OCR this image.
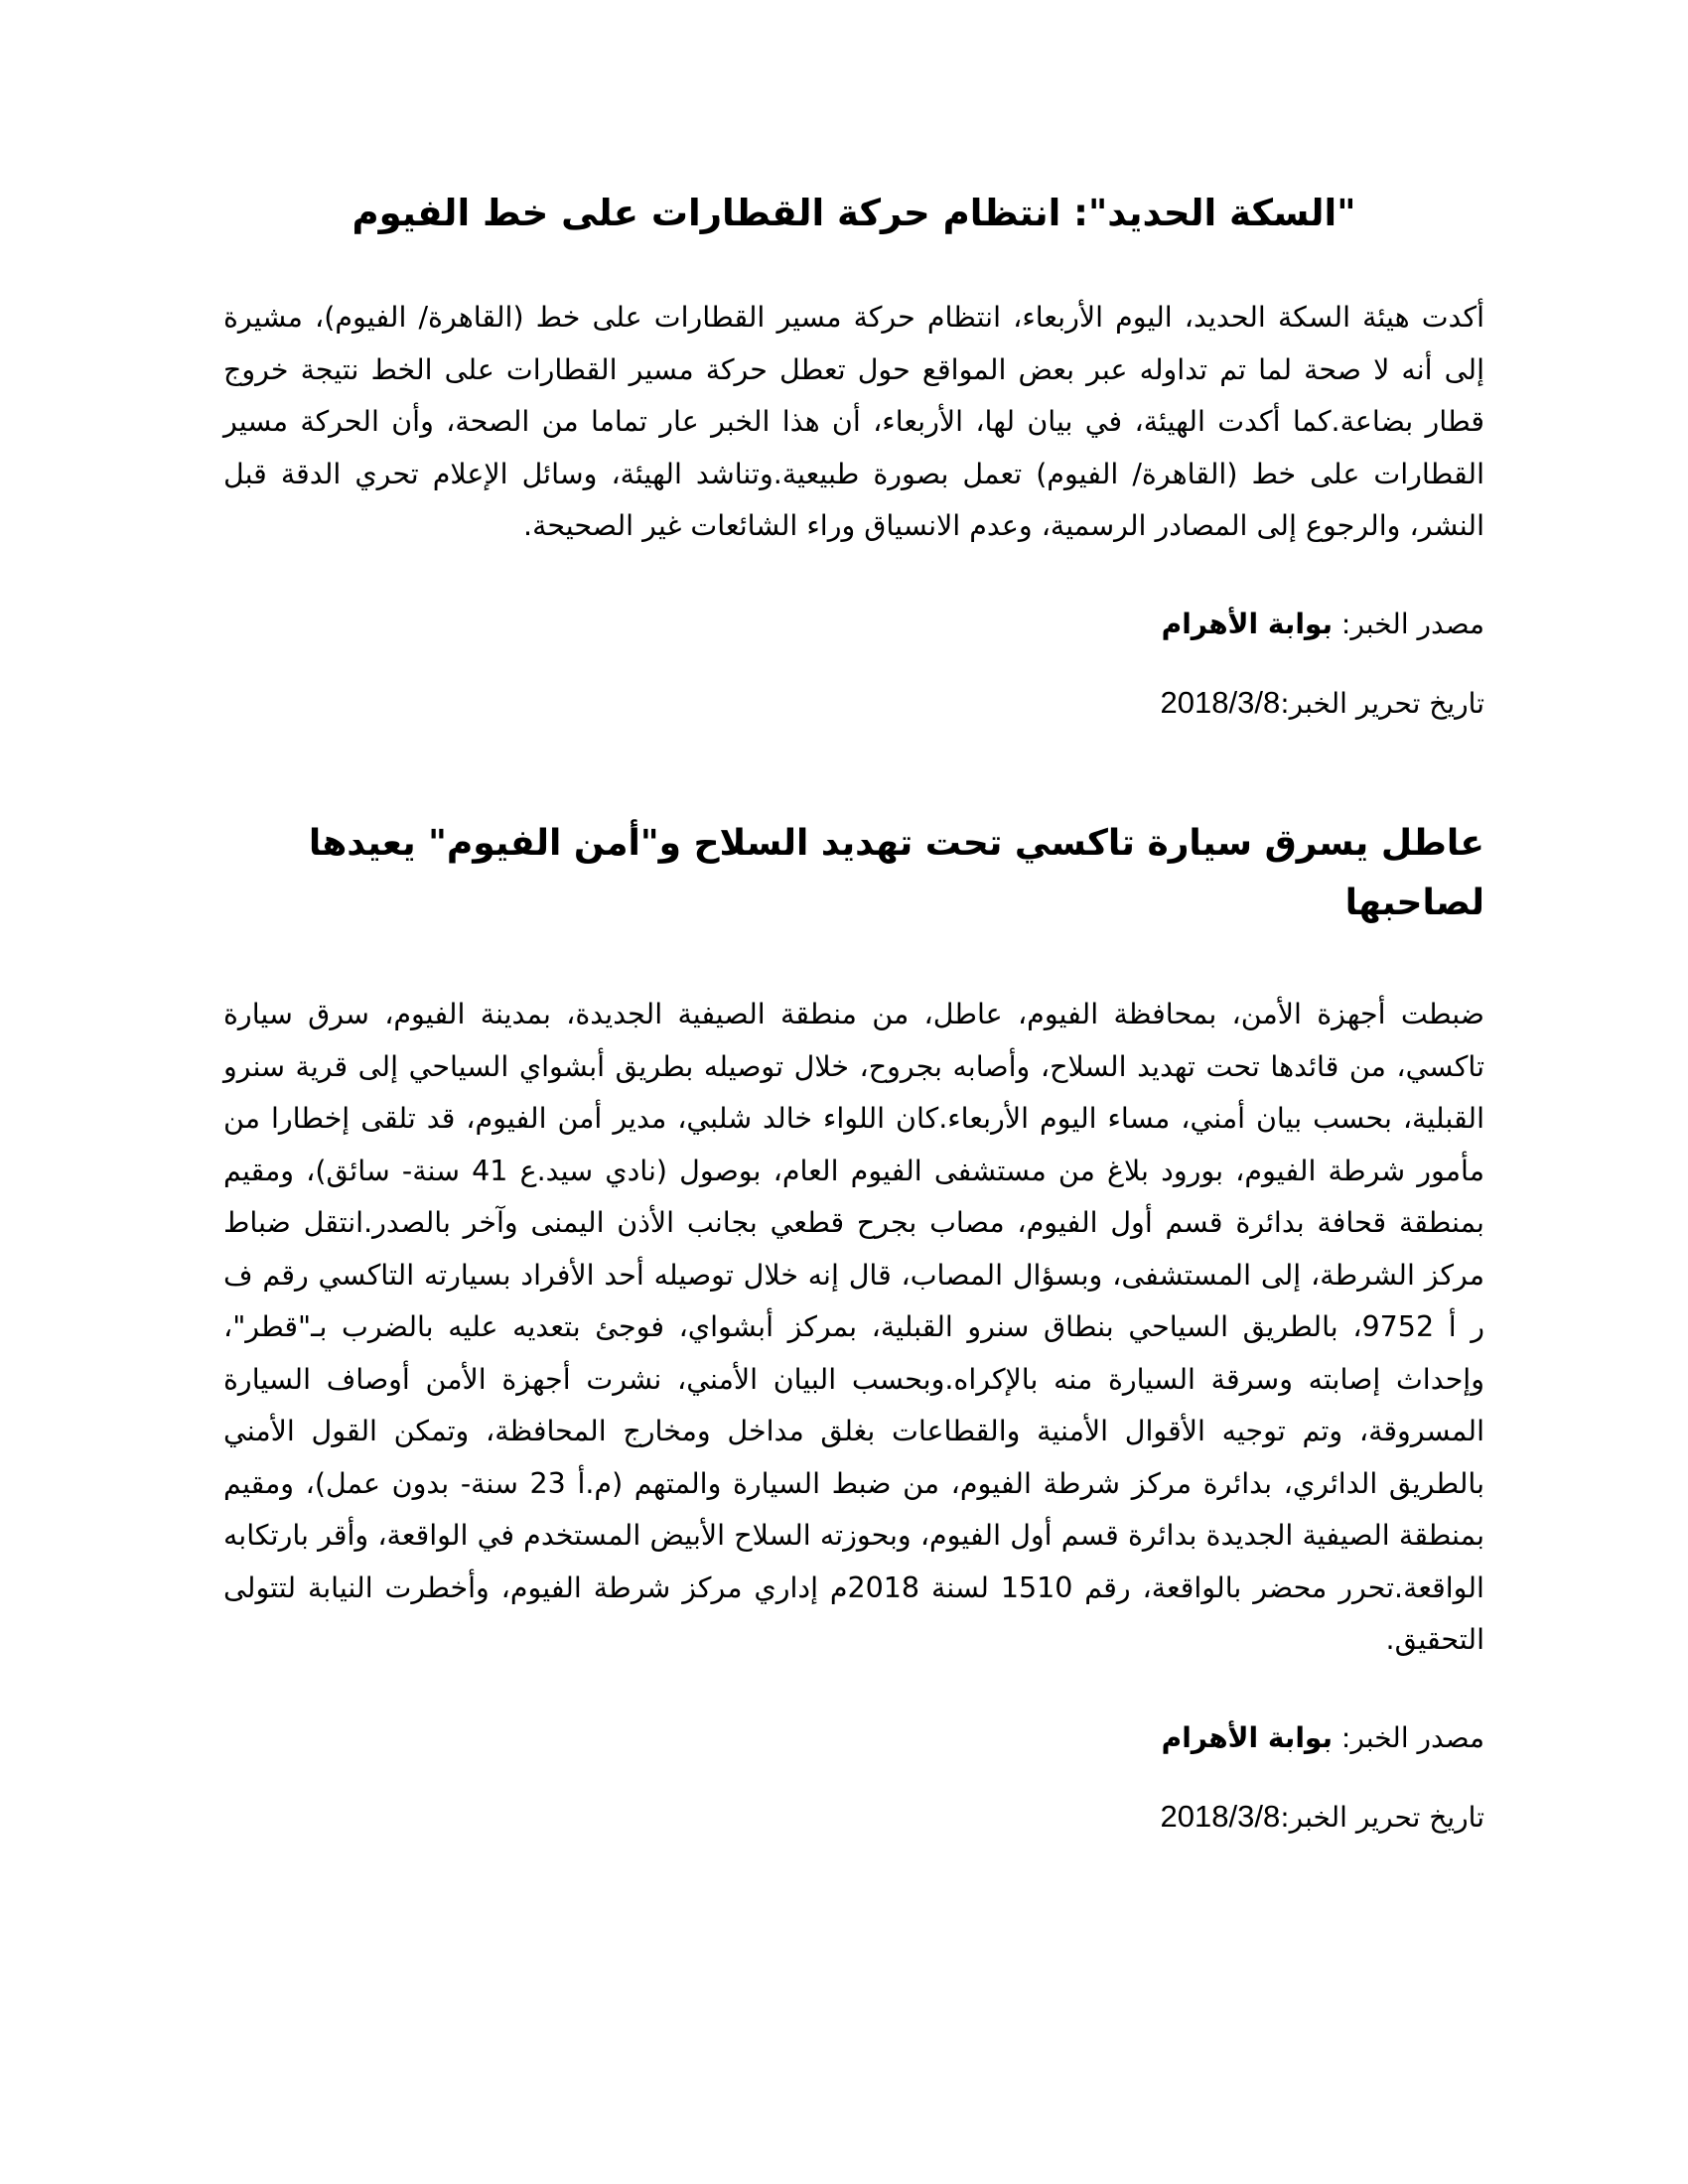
"السكة الحديد": انتظام حركة القطارات على خط الفيوم

أكدت هيئة السكة الحديد، اليوم الأربعاء، انتظام حركة مسير القطارات على خط (القاهرة/ الفيوم)، مشيرة إلى أنه لا صحة لما تم تداوله عبر بعض المواقع حول تعطل حركة مسير القطارات على الخط نتيجة خروج قطار بضاعة.كما أكدت الهيئة، في بيان لها، الأربعاء، أن هذا الخبر عار تماما من الصحة، وأن الحركة مسير القطارات على خط (القاهرة/ الفيوم) تعمل بصورة طبيعية.وتناشد الهيئة، وسائل الإعلام تحري الدقة قبل النشر، والرجوع إلى المصادر الرسمية، وعدم الانسياق وراء الشائعات غير الصحيحة.

مصدر الخبر: بوابة الأهرام

تاريخ تحرير الخبر:2018/3/8

عاطل يسرق سيارة تاكسي تحت تهديد السلاح و"أمن الفيوم" يعيدها لصاحبها

ضبطت أجهزة الأمن، بمحافظة الفيوم، عاطل، من منطقة الصيفية الجديدة، بمدينة الفيوم، سرق سيارة تاكسي، من قائدها تحت تهديد السلاح، وأصابه بجروح، خلال توصيله بطريق أبشواي السياحي إلى قرية سنرو القبلية، بحسب بيان أمني، مساء اليوم الأربعاء.كان اللواء خالد شلبي، مدير أمن الفيوم، قد تلقى إخطارا من مأمور شرطة الفيوم، بورود بلاغ من مستشفى الفيوم العام، بوصول (نادي سيد.ع 41 سنة- سائق)، ومقيم بمنطقة قحافة بدائرة قسم أول الفيوم، مصاب بجرح قطعي بجانب الأذن اليمنى وآخر بالصدر.انتقل ضباط مركز الشرطة، إلى المستشفى، وبسؤال المصاب، قال إنه خلال توصيله أحد الأفراد بسيارته التاكسي رقم ف ر أ 9752، بالطريق السياحي بنطاق سنرو القبلية، بمركز أبشواي، فوجئ بتعديه عليه بالضرب بـ"قطر"، وإحداث إصابته وسرقة السيارة منه بالإكراه.وبحسب البيان الأمني، نشرت أجهزة الأمن أوصاف السيارة المسروقة، وتم توجيه الأقوال الأمنية والقطاعات بغلق مداخل ومخارج المحافظة، وتمكن القول الأمني بالطريق الدائري، بدائرة مركز شرطة الفيوم، من ضبط السيارة والمتهم (م.أ 23 سنة- بدون عمل)، ومقيم بمنطقة الصيفية الجديدة بدائرة قسم أول الفيوم، وبحوزته السلاح الأبيض المستخدم في الواقعة، وأقر بارتكابه الواقعة.تحرر محضر بالواقعة، رقم 1510 لسنة 2018م إداري مركز شرطة الفيوم، وأخطرت النيابة لتتولى التحقيق.

مصدر الخبر: بوابة الأهرام

تاريخ تحرير الخبر:2018/3/8
